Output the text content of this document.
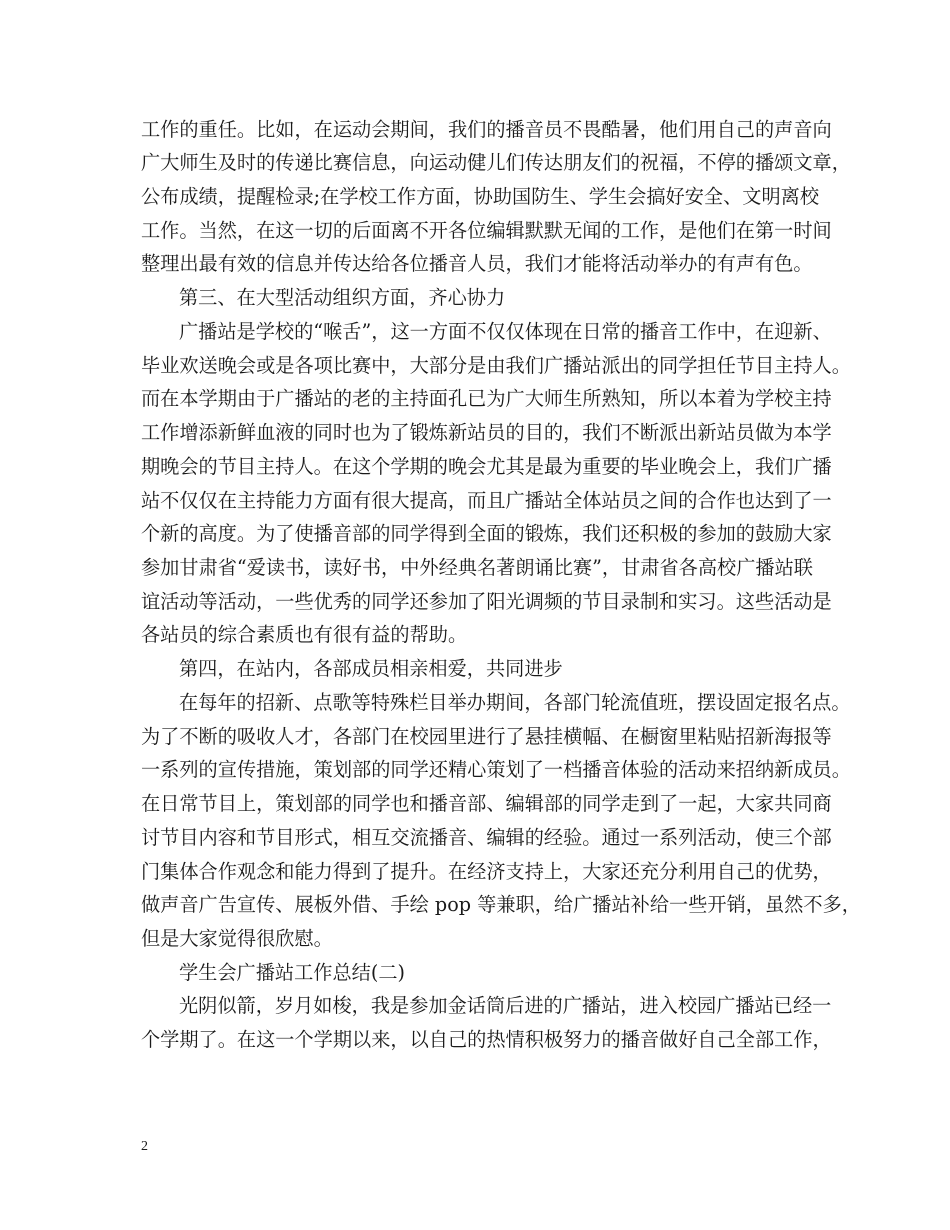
工作的重任。比如，在运动会期间，我们的播音员不畏酷暑，他们用自己的声音向
广大师生及时的传递比赛信息，向运动健儿们传达朋友们的祝福，不停的播颂文章，
公布成绩，提醒检录;在学校工作方面，协助国防生、学生会搞好安全、文明离校
工作。当然，在这一切的后面离不开各位编辑默默无闻的工作，是他们在第一时间
整理出最有效的信息并传达给各位播音人员，我们才能将活动举办的有声有色。
第三、在大型活动组织方面，齐心协力
广播站是学校的“喉舌”，这一方面不仅仅体现在日常的播音工作中，在迎新、
毕业欢送晚会或是各项比赛中，大部分是由我们广播站派出的同学担任节目主持人。
而在本学期由于广播站的老的主持面孔已为广大师生所熟知，所以本着为学校主持
工作增添新鲜血液的同时也为了锻炼新站员的目的，我们不断派出新站员做为本学
期晚会的节目主持人。在这个学期的晚会尤其是最为重要的毕业晚会上，我们广播
站不仅仅在主持能力方面有很大提高，而且广播站全体站员之间的合作也达到了一
个新的高度。为了使播音部的同学得到全面的锻炼，我们还积极的参加的鼓励大家
参加甘肃省“爱读书，读好书，中外经典名著朗诵比赛”，甘肃省各高校广播站联
谊活动等活动，一些优秀的同学还参加了阳光调频的节目录制和实习。这些活动是
各站员的综合素质也有很有益的帮助。
第四，在站内，各部成员相亲相爱，共同进步
在每年的招新、点歌等特殊栏目举办期间，各部门轮流值班，摆设固定报名点。
为了不断的吸收人才，各部门在校园里进行了悬挂横幅、在橱窗里粘贴招新海报等
一系列的宣传措施，策划部的同学还精心策划了一档播音体验的活动来招纳新成员。
在日常节目上，策划部的同学也和播音部、编辑部的同学走到了一起，大家共同商
讨节目内容和节目形式，相互交流播音、编辑的经验。通过一系列活动，使三个部
门集体合作观念和能力得到了提升。在经济支持上，大家还充分利用自己的优势，
做声音广告宣传、展板外借、手绘 pop 等兼职，给广播站补给一些开销，虽然不多，
但是大家觉得很欣慰。
学生会广播站工作总结(二)
光阴似箭，岁月如梭，我是参加金话筒后进的广播站，进入校园广播站已经一
个学期了。在这一个学期以来，以自己的热情积极努力的播音做好自己全部工作，
2
